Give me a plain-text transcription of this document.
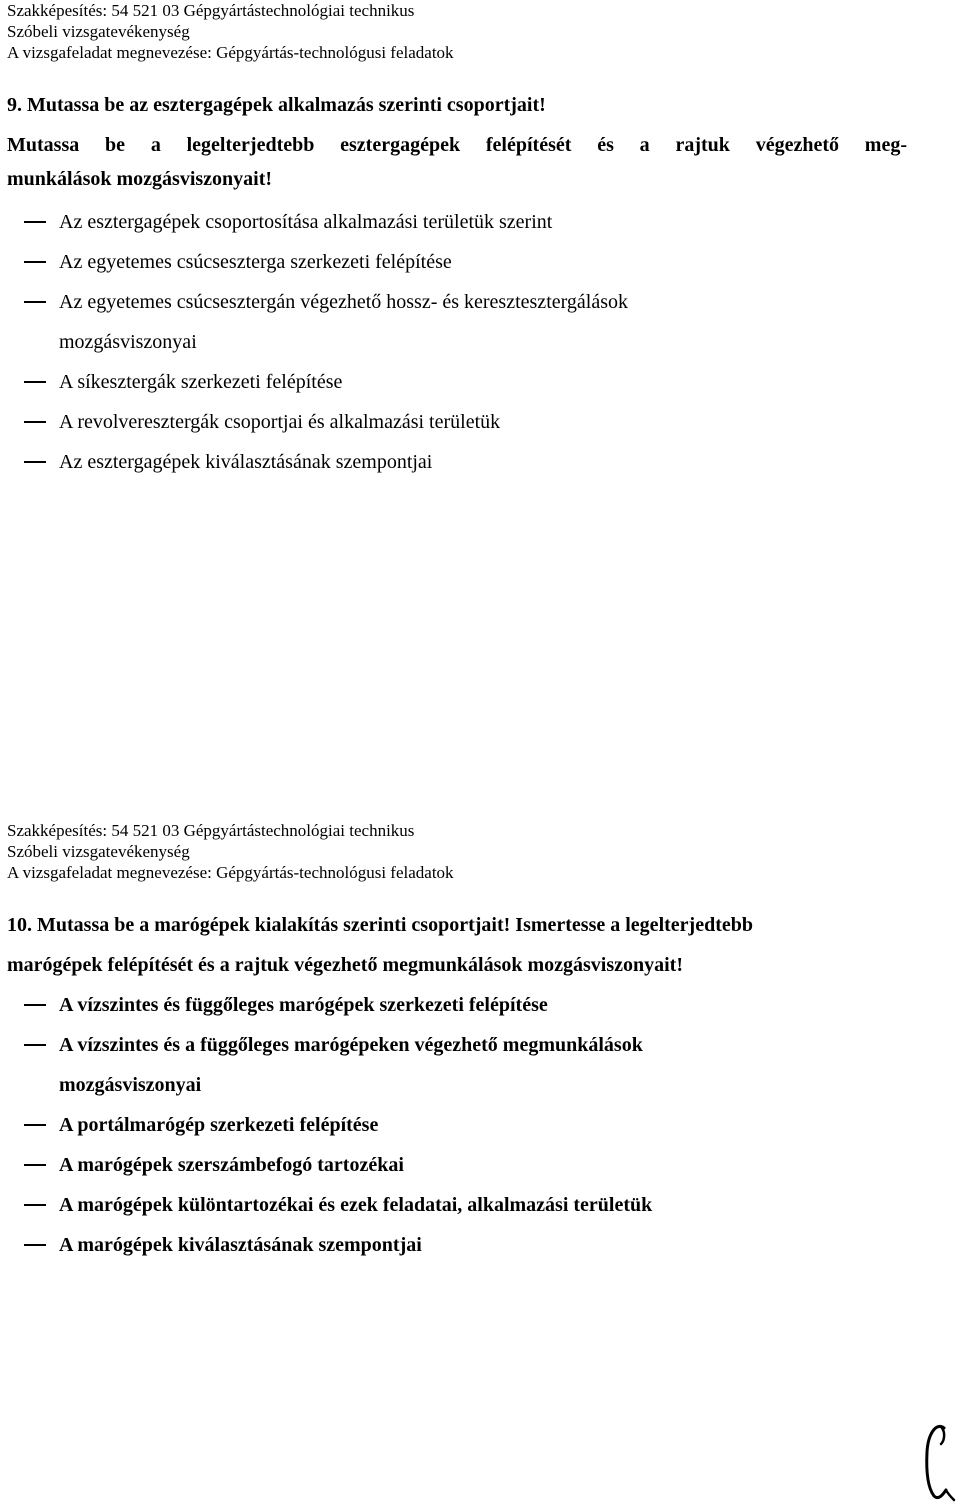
Szakképesítés: 54 521 03 Gépgyártástechnológiai technikus
Szóbeli vizsgatevékenység
A vizsgafeladat megnevezése: Gépgyártás-technológusi feladatok

9. Mutassa be az esztergagépek alkalmazás szerinti csoportjait!

Mutassa be a legelterjedtebb esztergagépek felépítését és a rajtuk végezhető meg-

munkálások mozgásviszonyait!

Az esztergagépek csoportosítása alkalmazási területük szerint
Az egyetemes csúcseszterga szerkezeti felépítése
Az egyetemes csúcsesztergán végezhető hossz- és keresztesztergálások
mozgásviszonyai
A síkesztergák szerkezeti felépítése
A revolveresztergák csoportjai és alkalmazási területük
Az esztergagépek kiválasztásának szempontjai
Szakképesítés: 54 521 03 Gépgyártástechnológiai technikus
Szóbeli vizsgatevékenység
A vizsgafeladat megnevezése: Gépgyártás-technológusi feladatok

10. Mutassa be a marógépek kialakítás szerinti csoportjait! Ismertesse a legelterjedtebb

marógépek felépítését és a rajtuk végezhető megmunkálások mozgásviszonyait!

A vízszintes és függőleges marógépek szerkezeti felépítése
A vízszintes és a függőleges marógépeken végezhető megmunkálások
mozgásviszonyai
A portálmarógép szerkezeti felépítése
A marógépek szerszámbefogó tartozékai
A marógépek különtartozékai és ezek feladatai, alkalmazási területük
A marógépek kiválasztásának szempontjai
